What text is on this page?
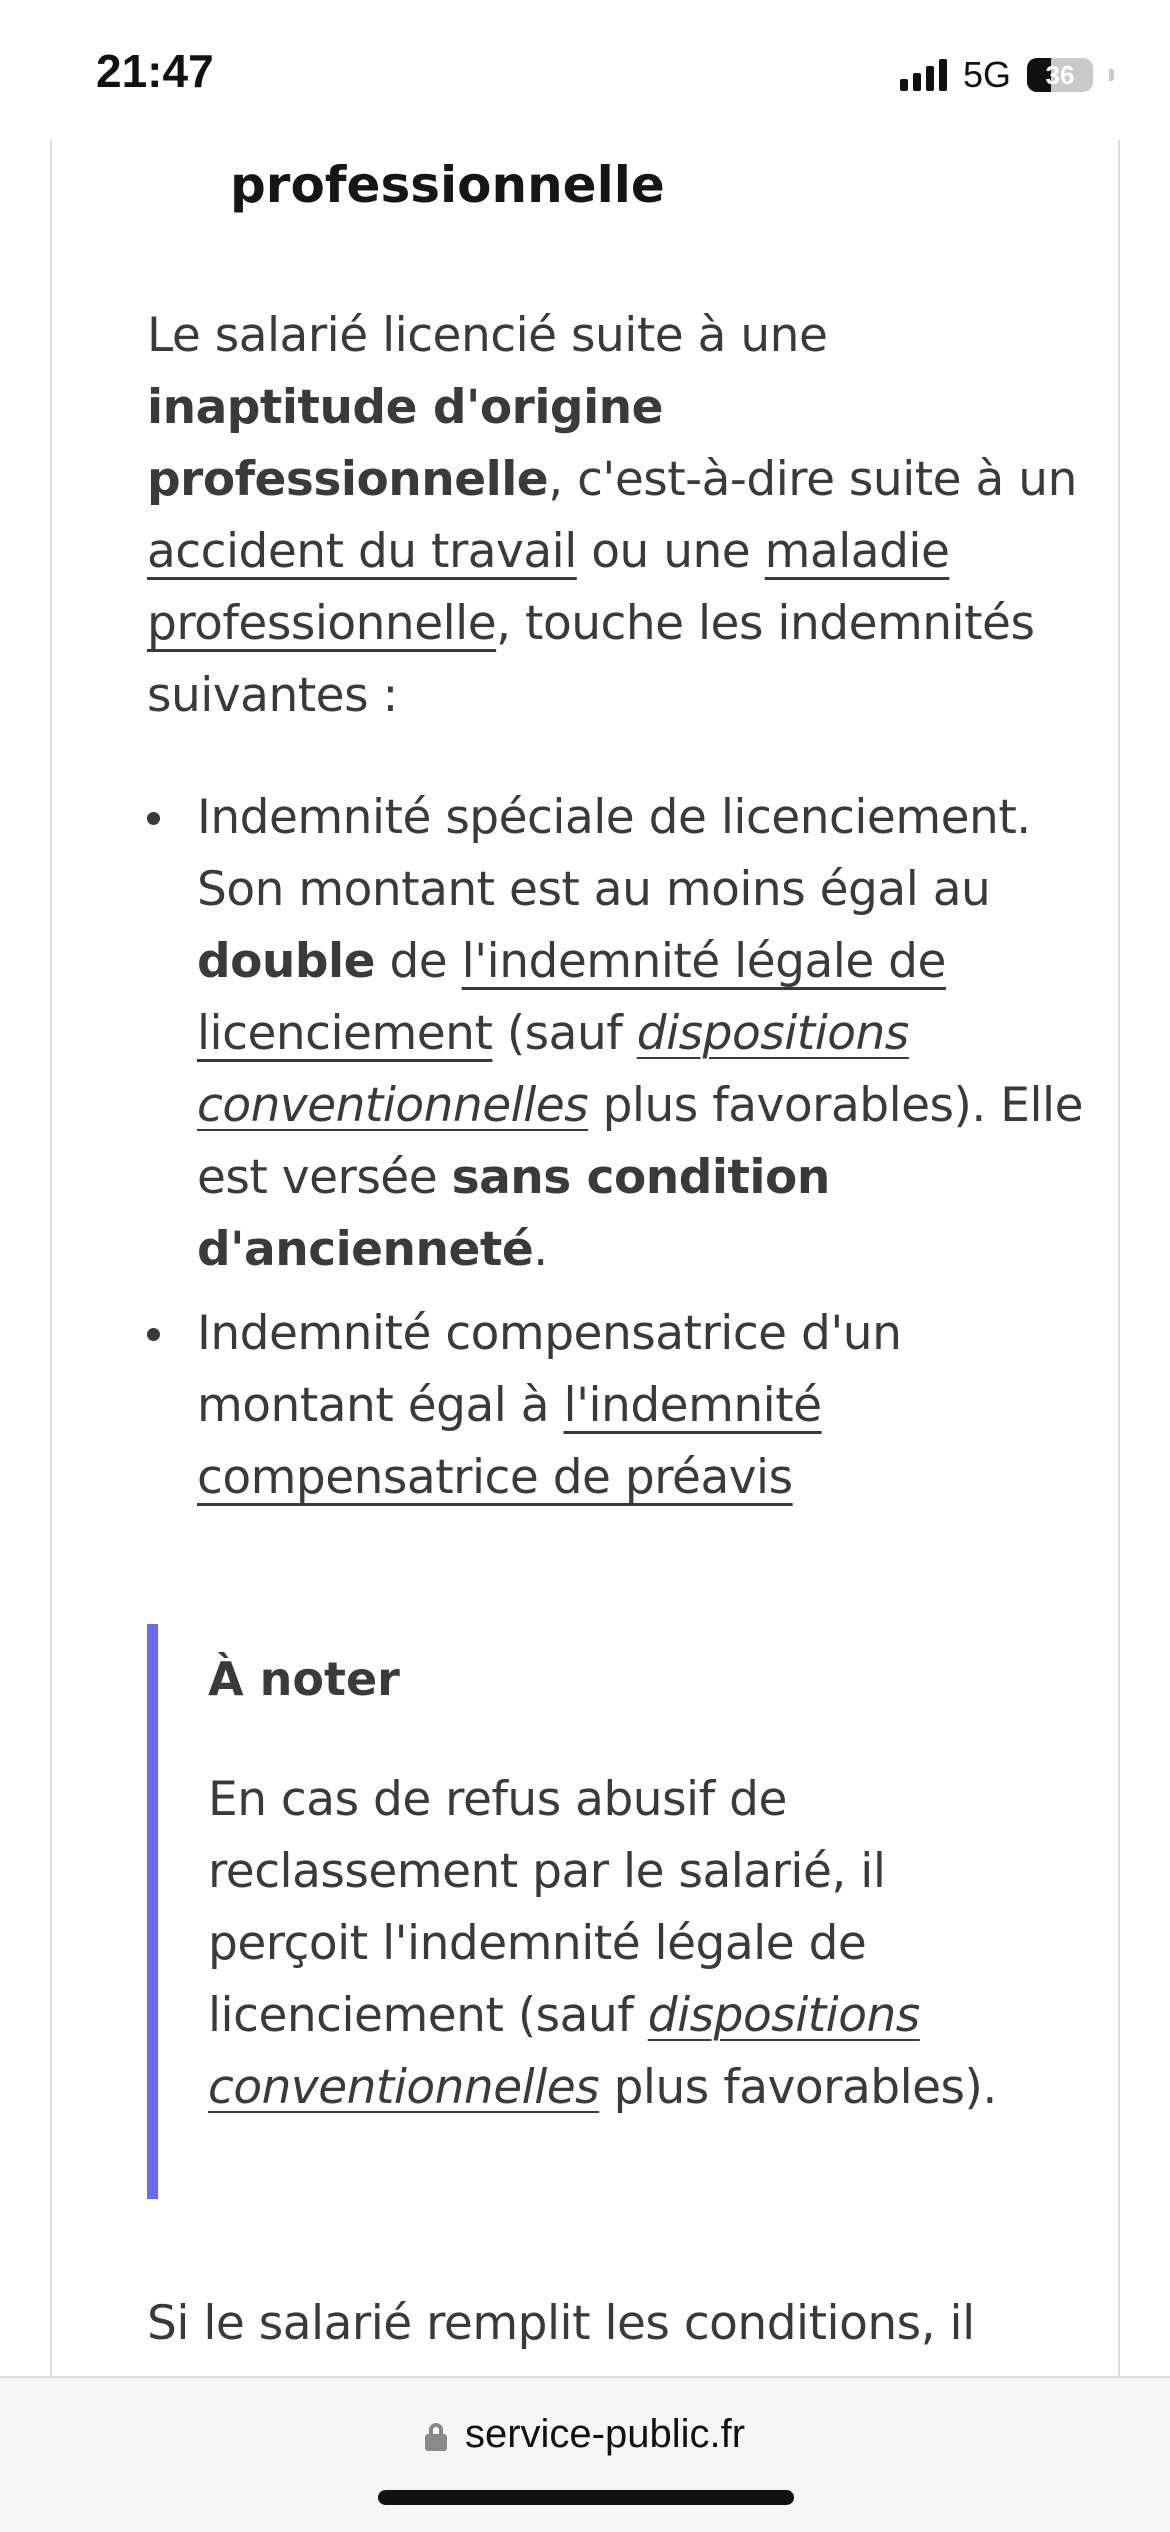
21:47	5G	36
professionnelle

Le salarié licencié suite à une inaptitude d'origine professionnelle, c'est-à-dire suite à un accident du travail ou une maladie professionnelle, touche les indemnités suivantes :

Indemnité spéciale de licenciement. Son montant est au moins égal au double de l'indemnité légale de licenciement (sauf dispositions conventionnelles plus favorables). Elle est versée sans condition d'ancienneté.
Indemnité compensatrice d'un montant égal à l'indemnité compensatrice de préavis
À noter

En cas de refus abusif de reclassement par le salarié, il perçoit l'indemnité légale de licenciement (sauf dispositions conventionnelles plus favorables).

Si le salarié remplit les conditions, il

service-public.fr
